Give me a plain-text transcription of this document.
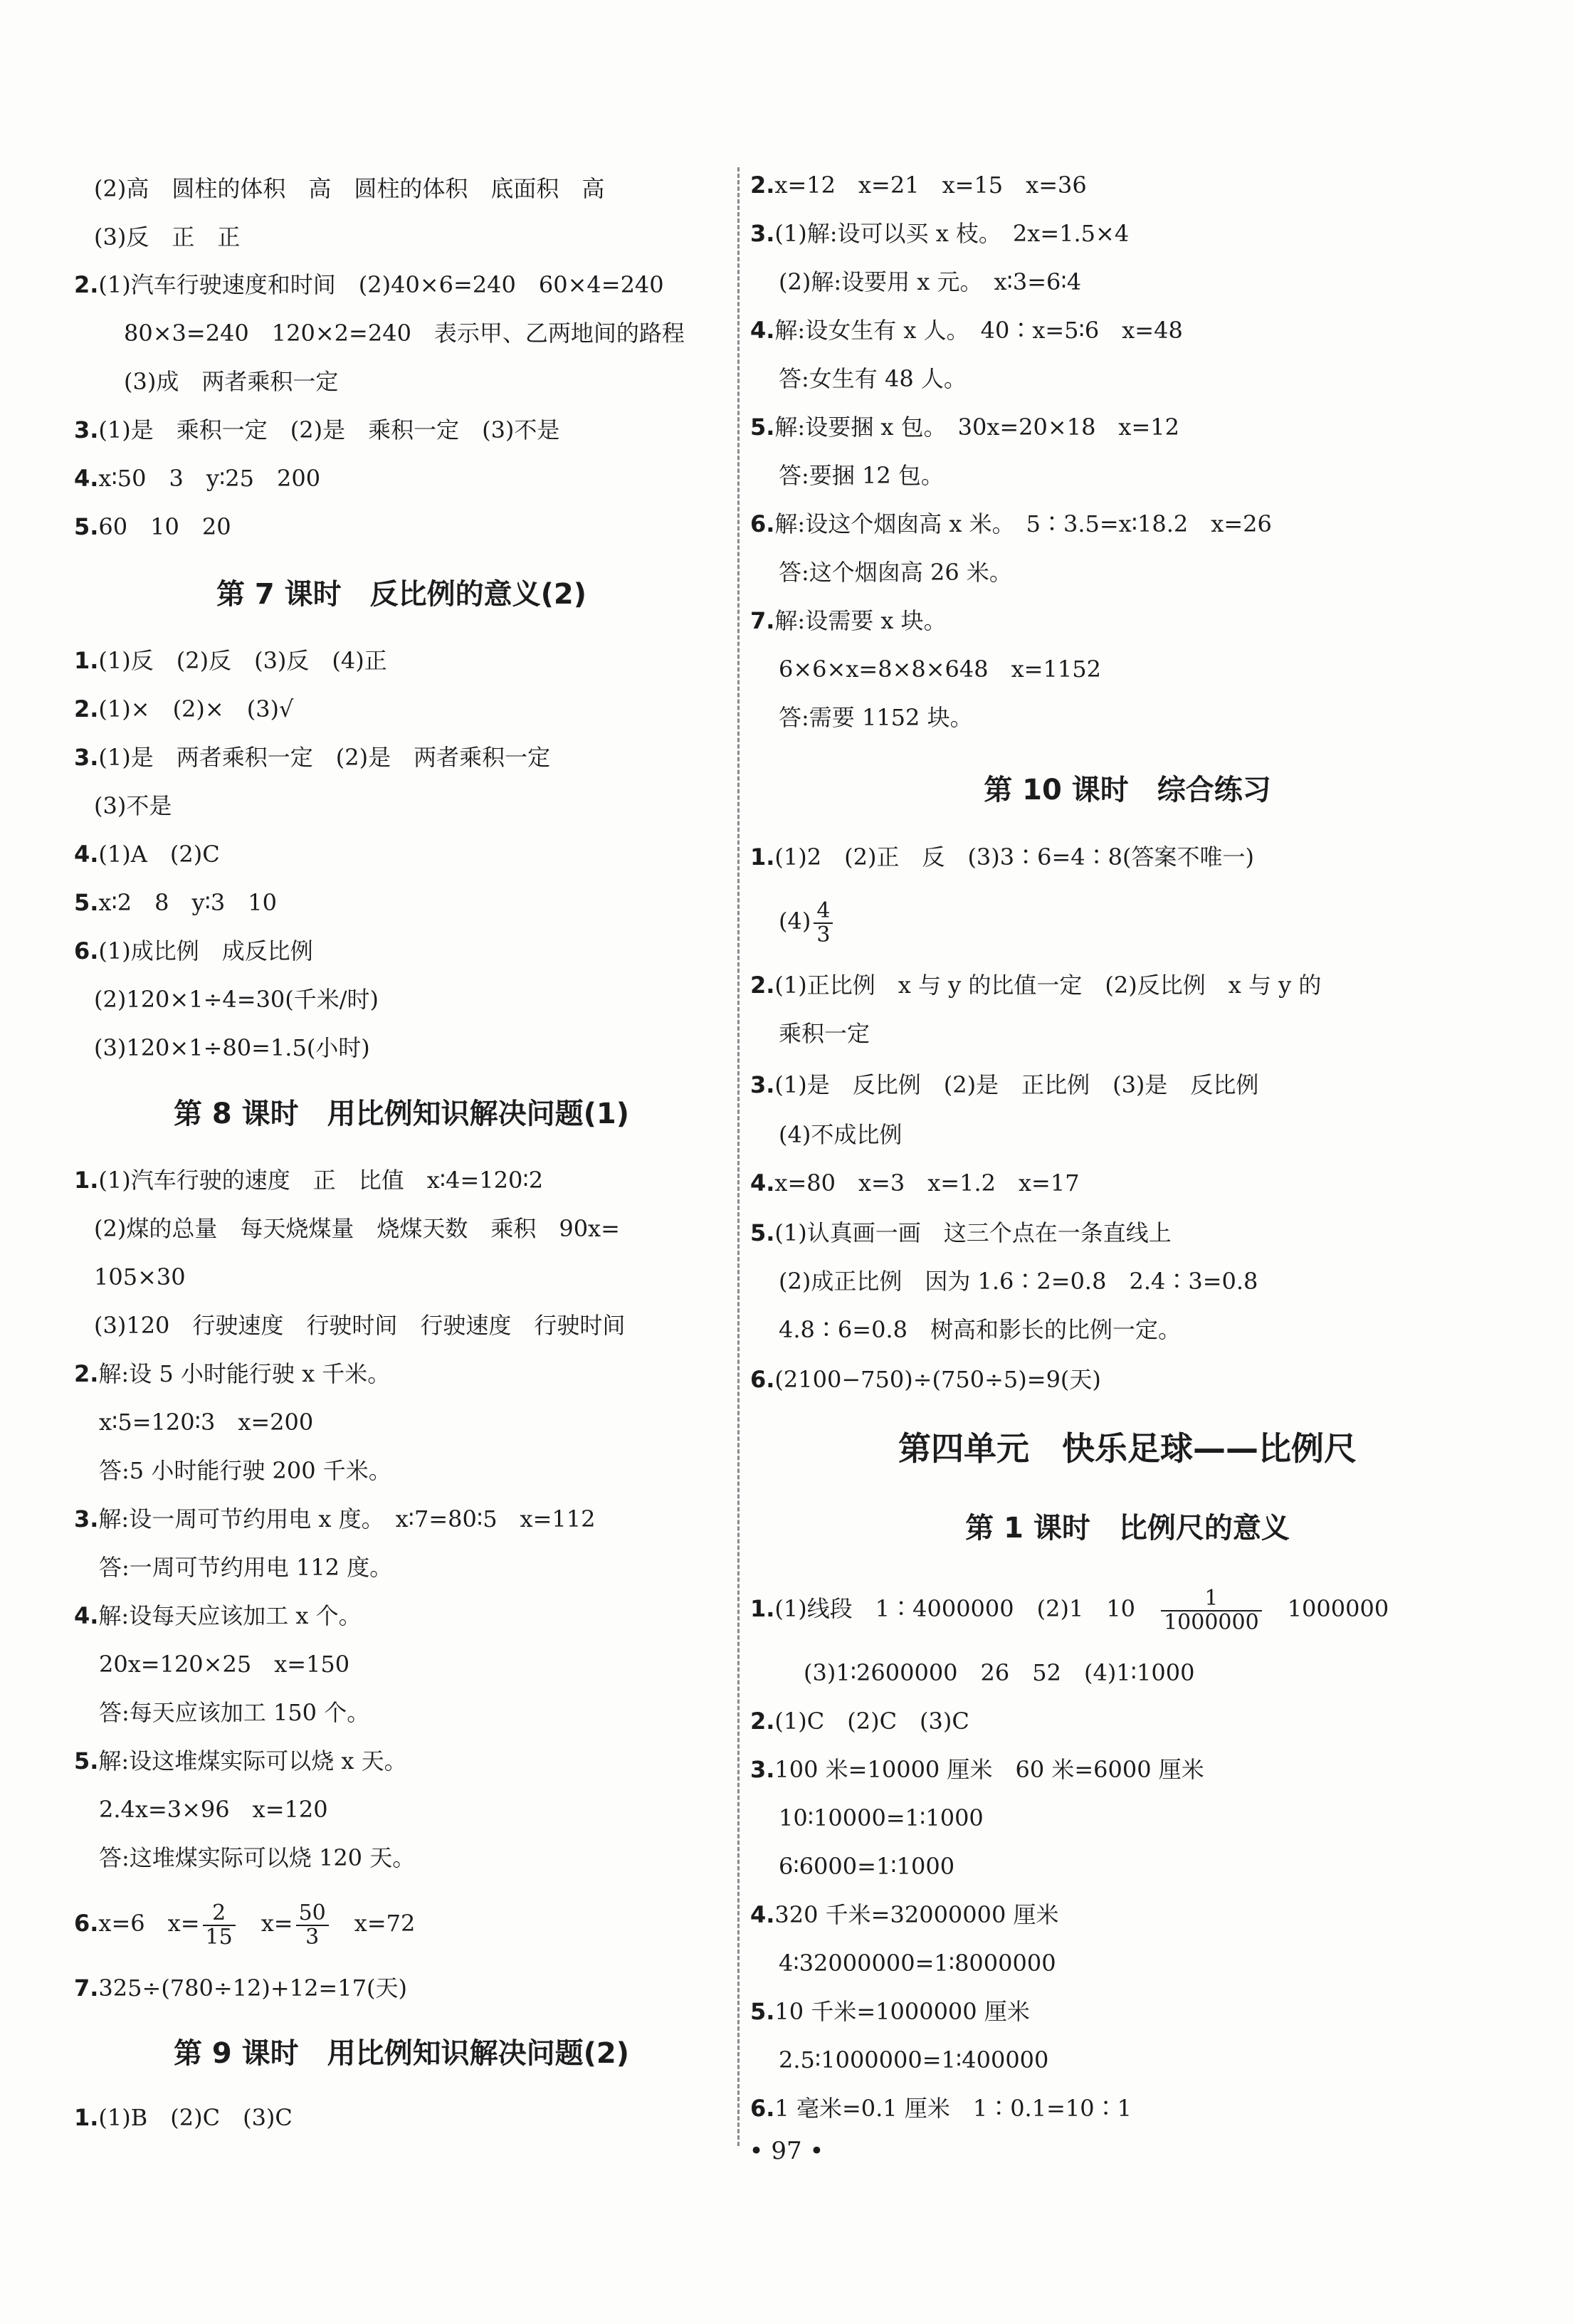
(2)高　圆柱的体积　高　圆柱的体积　底面积　高
(3)反　正　正
2.(1)汽车行驶速度和时间　(2)40×6=240　60×4=240
80×3=240　120×2=240　表示甲、乙两地间的路程
(3)成　两者乘积一定
3.(1)是　乘积一定　(2)是　乘积一定　(3)不是
4.x∶50　3　y∶25　200
5.60　10　20
第 7 课时　反比例的意义(2)
1.(1)反　(2)反　(3)反　(4)正
2.(1)×　(2)×　(3)√
3.(1)是　两者乘积一定　(2)是　两者乘积一定
(3)不是
4.(1)A　(2)C
5.x∶2　8　y∶3　10
6.(1)成比例　成反比例
(2)120×1÷4=30(千米/时)
(3)120×1÷80=1.5(小时)
第 8 课时　用比例知识解决问题(1)
1.(1)汽车行驶的速度　正　比值　x∶4=120∶2
(2)煤的总量　每天烧煤量　烧煤天数　乘积　90x=
105×30
(3)120　行驶速度　行驶时间　行驶速度　行驶时间
2.解:设 5 小时能行驶 x 千米。
x∶5=120∶3　x=200
答:5 小时能行驶 200 千米。
3.解:设一周可节约用电 x 度。　x∶7=80∶5　x=112
答:一周可节约用电 112 度。
4.解:设每天应该加工 x 个。
20x=120×25　x=150
答:每天应该加工 150 个。
5.解:设这堆煤实际可以烧 x 天。
2.4x=3×96　x=120
答:这堆煤实际可以烧 120 天。
6.x=6　$x= \frac{2}{15}$ 　$x= \frac{50}{3}$ 　x=72
7.325÷(780÷12)+12=17(天)
第 9 课时　用比例知识解决问题(2)
1.(1)B　(2)C　(3)C
2.x=12　x=21　x=15　x=36
3.(1)解:设可以买 x 枝。　2x=1.5×4
(2)解:设要用 x 元。　x∶3=6∶4
4.解:设女生有 x 人。　40∶x=5∶6　x=48
答:女生有 48 人。
5.解:设要捆 x 包。　30x=20×18　x=12
答:要捆 12 包。
6.解:设这个烟囱高 x 米。　5∶3.5=x∶18.2　x=26
答:这个烟囱高 26 米。
7.解:设需要 x 块。
6×6×x=8×8×648　x=1152
答:需要 1152 块。
第 10 课时　综合练习
1.(1)2　(2)正　反　(3)3∶6=4∶8(答案不唯一)
$(4) \frac{4}{3}$
2.(1)正比例　x 与 y 的比值一定　(2)反比例　x 与 y 的
乘积一定
3.(1)是　反比例　(2)是　正比例　(3)是　反比例
(4)不成比例
4.x=80　x=3　x=1.2　x=17
5.(1)认真画一画　这三个点在一条直线上
(2)成正比例　因为 1.6∶2=0.8　2.4∶3=0.8
4.8∶6=0.8　树高和影长的比例一定。
6.(2100−750)÷(750÷5)=9(天)
第四单元　快乐足球——比例尺
第 1 课时　比例尺的意义
1.(1)线段　1∶4000000　(2)1　10　 $\frac{1}{1000000}$
　 1000000
(3)1∶2600000　26　52　(4)1∶1000
2.(1)C　(2)C　(3)C
3.100 米=10000 厘米　60 米=6000 厘米
10∶10000=1∶1000
6∶6000=1∶1000
4.320 千米=32000000 厘米
4∶32000000=1∶8000000
5.10 千米=1000000 厘米
2.5∶1000000=1∶400000
6.1 毫米=0.1 厘米　1∶0.1=10∶1
• 97 •
